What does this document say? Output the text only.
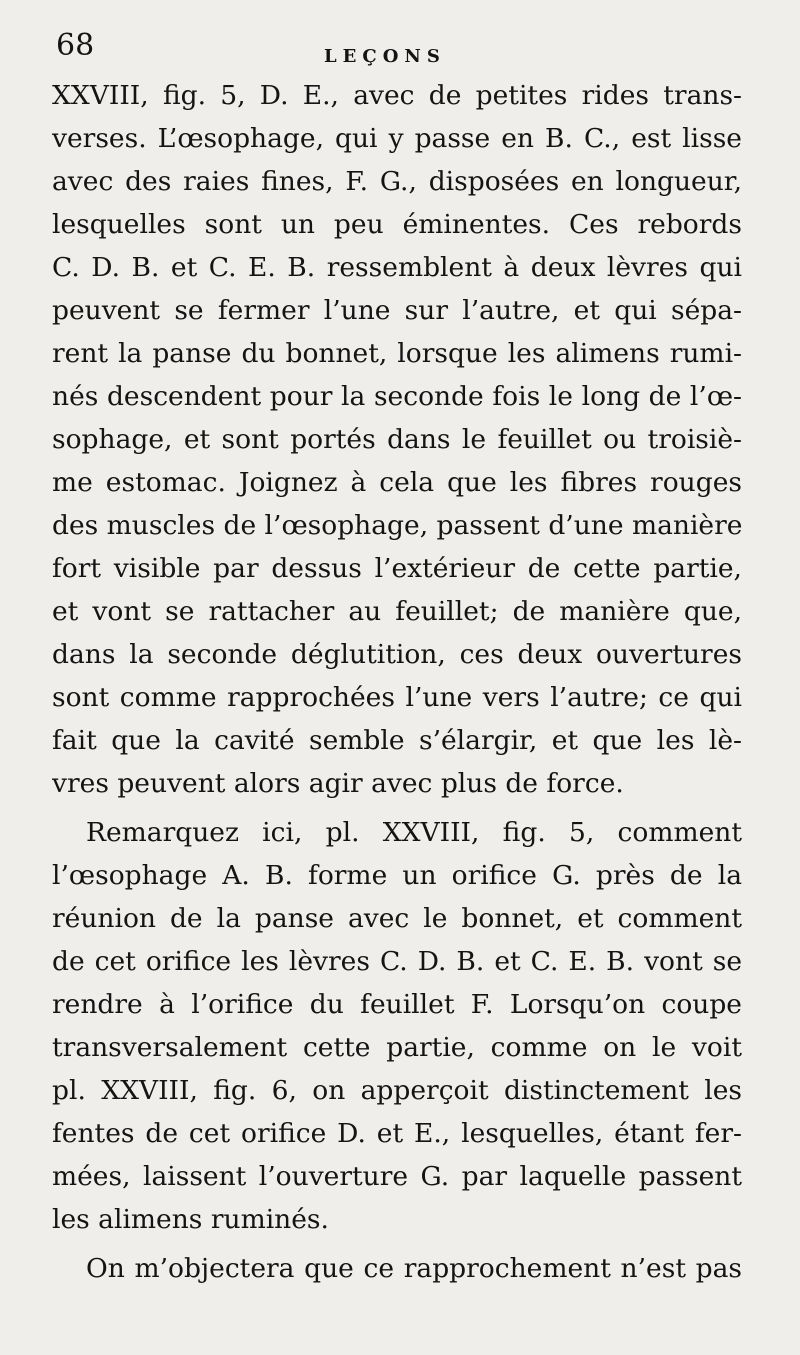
68	LEÇONS
XXVIII, fig. 5, D. E., avec de petites rides trans-
verses. L’œsophage, qui y passe en B. C., est lisse
avec des raies fines, F. G., disposées en longueur,
lesquelles sont un peu éminentes. Ces rebords
C. D. B. et C. E. B. ressemblent à deux lèvres qui
peuvent se fermer l’une sur l’autre, et qui sépa-
rent la panse du bonnet, lorsque les alimens rumi-
nés descendent pour la seconde fois le long de l’œ-
sophage, et sont portés dans le feuillet ou troisiè-
me estomac. Joignez à cela que les fibres rouges
des muscles de l’œsophage, passent d’une manière
fort visible par dessus l’extérieur de cette partie,
et vont se rattacher au feuillet; de manière que,
dans la seconde déglutition, ces deux ouvertures
sont comme rapprochées l’une vers l’autre; ce qui
fait que la cavité semble s’élargir, et que les lè-
vres peuvent alors agir avec plus de force.
Remarquez ici, pl. XXVIII, fig. 5, comment
l’œsophage A. B. forme un orifice G. près de la
réunion de la panse avec le bonnet, et comment
de cet orifice les lèvres C. D. B. et C. E. B. vont se
rendre à l’orifice du feuillet F. Lorsqu’on coupe
transversalement cette partie, comme on le voit
pl. XXVIII, fig. 6, on apperçoit distinctement les
fentes de cet orifice D. et E., lesquelles, étant fer-
mées, laissent l’ouverture G. par laquelle passent
les alimens ruminés.
On m’objectera que ce rapprochement n’est pas
